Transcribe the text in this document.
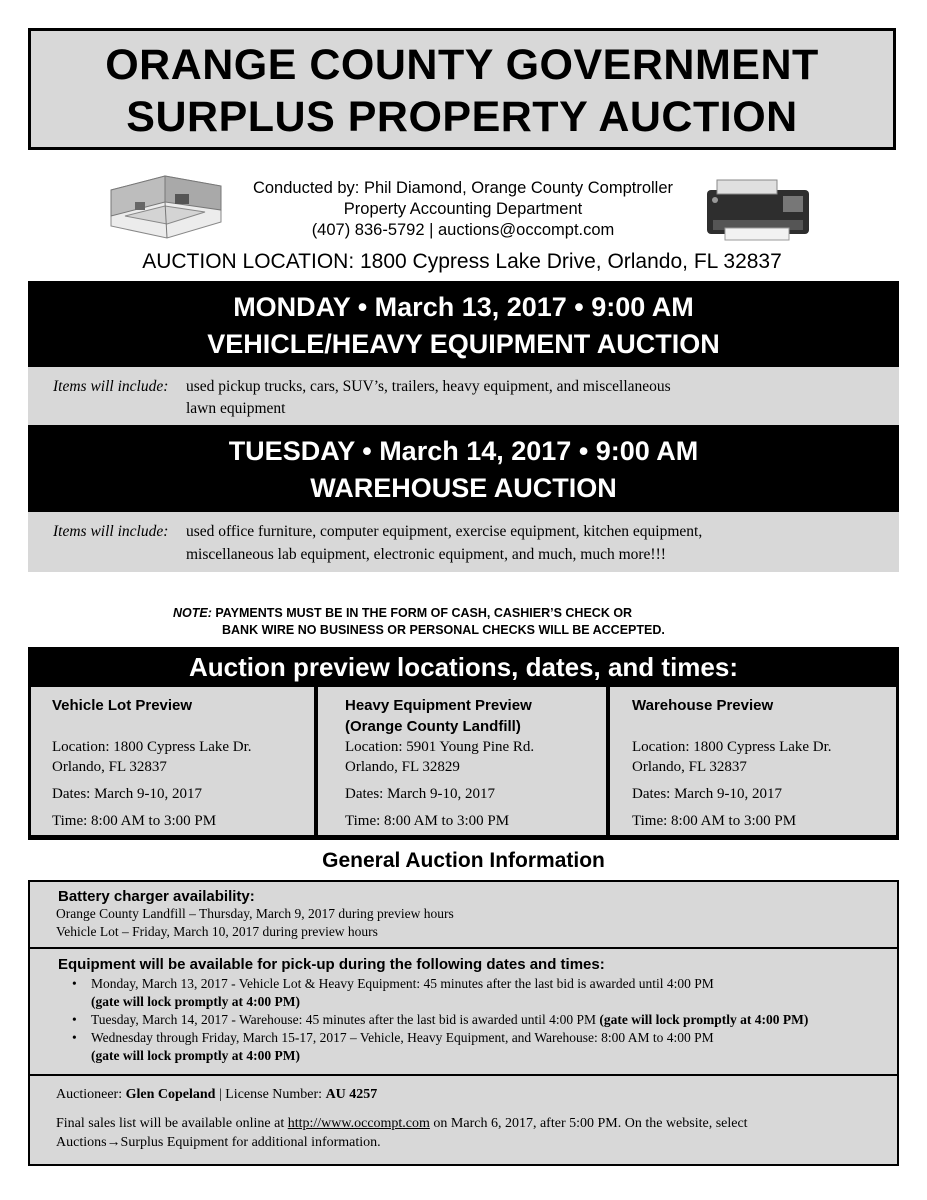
ORANGE COUNTY GOVERNMENT
SURPLUS PROPERTY AUCTION
Conducted by: Phil Diamond, Orange County Comptroller
Property Accounting Department
(407) 836-5792 | auctions@occompt.com
AUCTION LOCATION: 1800 Cypress Lake Drive, Orlando, FL 32837
MONDAY • March 13, 2017 • 9:00 AM
VEHICLE/HEAVY EQUIPMENT AUCTION
Items will include: used pickup trucks, cars, SUV’s, trailers, heavy equipment, and miscellaneous
lawn equipment
TUESDAY • March 14, 2017 • 9:00 AM
WAREHOUSE AUCTION
Items will include: used office furniture, computer equipment, exercise equipment, kitchen equipment,
miscellaneous lab equipment, electronic equipment, and much, much more!!!
NOTE: PAYMENTS MUST BE IN THE FORM OF CASH, CASHIER’S CHECK OR
BANK WIRE NO BUSINESS OR PERSONAL CHECKS WILL BE ACCEPTED.
Auction preview locations, dates, and times:
Vehicle Lot Preview
Location: 1800 Cypress Lake Dr.
Orlando, FL 32837
Dates: March 9-10, 2017
Time: 8:00 AM to 3:00 PM
Heavy Equipment Preview
(Orange County Landfill)
Location: 5901 Young Pine Rd.
Orlando, FL 32829
Dates: March 9-10, 2017
Time: 8:00 AM to 3:00 PM
Warehouse Preview
Location: 1800 Cypress Lake Dr.
Orlando, FL 32837
Dates: March 9-10, 2017
Time: 8:00 AM to 3:00 PM
General Auction Information
Battery charger availability:
Orange County Landfill – Thursday, March 9, 2017 during preview hours
Vehicle Lot – Friday, March 10, 2017 during preview hours
Equipment will be available for pick-up during the following dates and times:
• Monday, March 13, 2017 - Vehicle Lot & Heavy Equipment: 45 minutes after the last bid is awarded until 4:00 PM
(gate will lock promptly at 4:00 PM)
• Tuesday, March 14, 2017 - Warehouse: 45 minutes after the last bid is awarded until 4:00 PM (gate will lock promptly at 4:00 PM)
• Wednesday through Friday, March 15-17, 2017 – Vehicle, Heavy Equipment, and Warehouse: 8:00 AM to 4:00 PM
(gate will lock promptly at 4:00 PM)
Auctioneer: Glen Copeland | License Number: AU 4257
Final sales list will be available online at http://www.occompt.com on March 6, 2017, after 5:00 PM. On the website, select
Auctions→Surplus Equipment for additional information.
